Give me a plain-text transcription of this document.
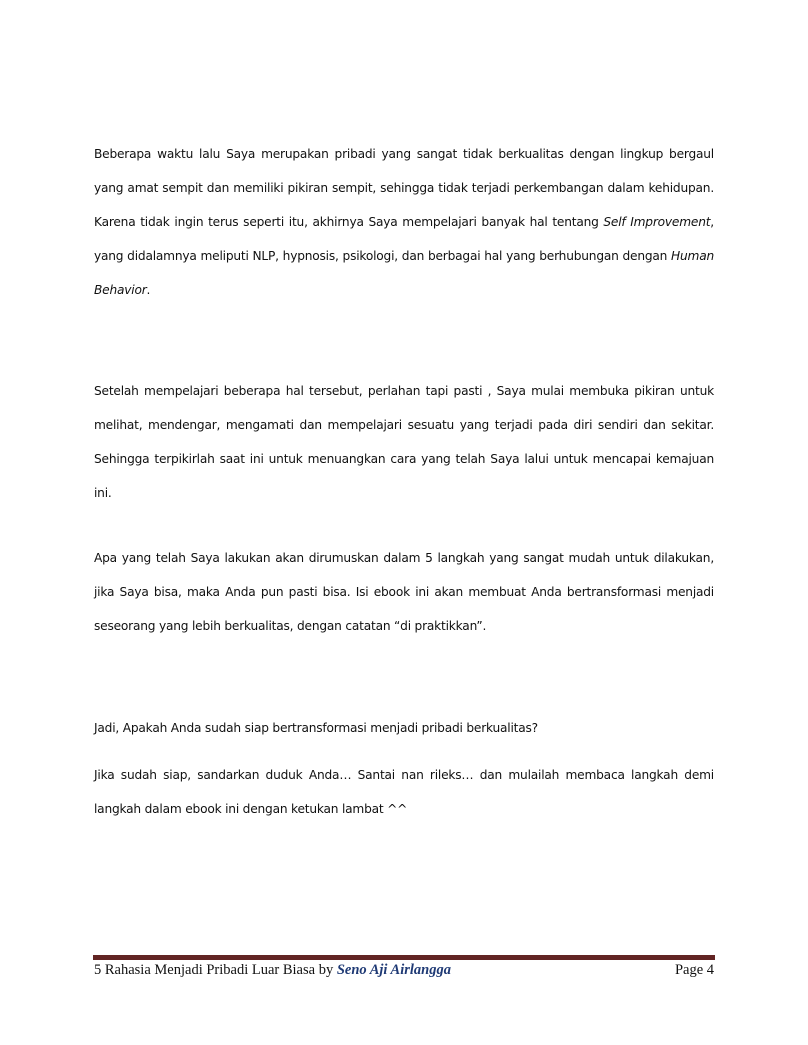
Beberapa waktu lalu Saya merupakan pribadi yang sangat tidak berkualitas dengan lingkup bergaul yang amat sempit dan memiliki pikiran sempit, sehingga tidak terjadi perkembangan dalam kehidupan. Karena tidak ingin terus seperti itu, akhirnya Saya mempelajari banyak hal tentang Self Improvement, yang didalamnya meliputi NLP, hypnosis, psikologi, dan berbagai hal yang berhubungan dengan Human Behavior.

Setelah mempelajari beberapa hal tersebut, perlahan tapi pasti , Saya mulai membuka pikiran untuk melihat, mendengar, mengamati dan mempelajari sesuatu yang terjadi pada diri sendiri dan sekitar. Sehingga terpikirlah saat ini untuk menuangkan cara yang telah Saya lalui untuk mencapai kemajuan ini.

Apa yang telah Saya lakukan akan dirumuskan dalam 5 langkah yang sangat mudah untuk dilakukan, jika Saya bisa, maka Anda pun pasti bisa. Isi ebook ini akan membuat Anda bertransformasi menjadi seseorang yang lebih berkualitas, dengan catatan “di praktikkan”.

Jadi, Apakah Anda sudah siap bertransformasi menjadi pribadi berkualitas?

Jika sudah siap, sandarkan duduk Anda… Santai nan rileks… dan mulailah membaca langkah demi langkah dalam ebook ini dengan ketukan lambat ^^

5 Rahasia Menjadi Pribadi Luar Biasa by Seno Aji Airlangga	Page 4
